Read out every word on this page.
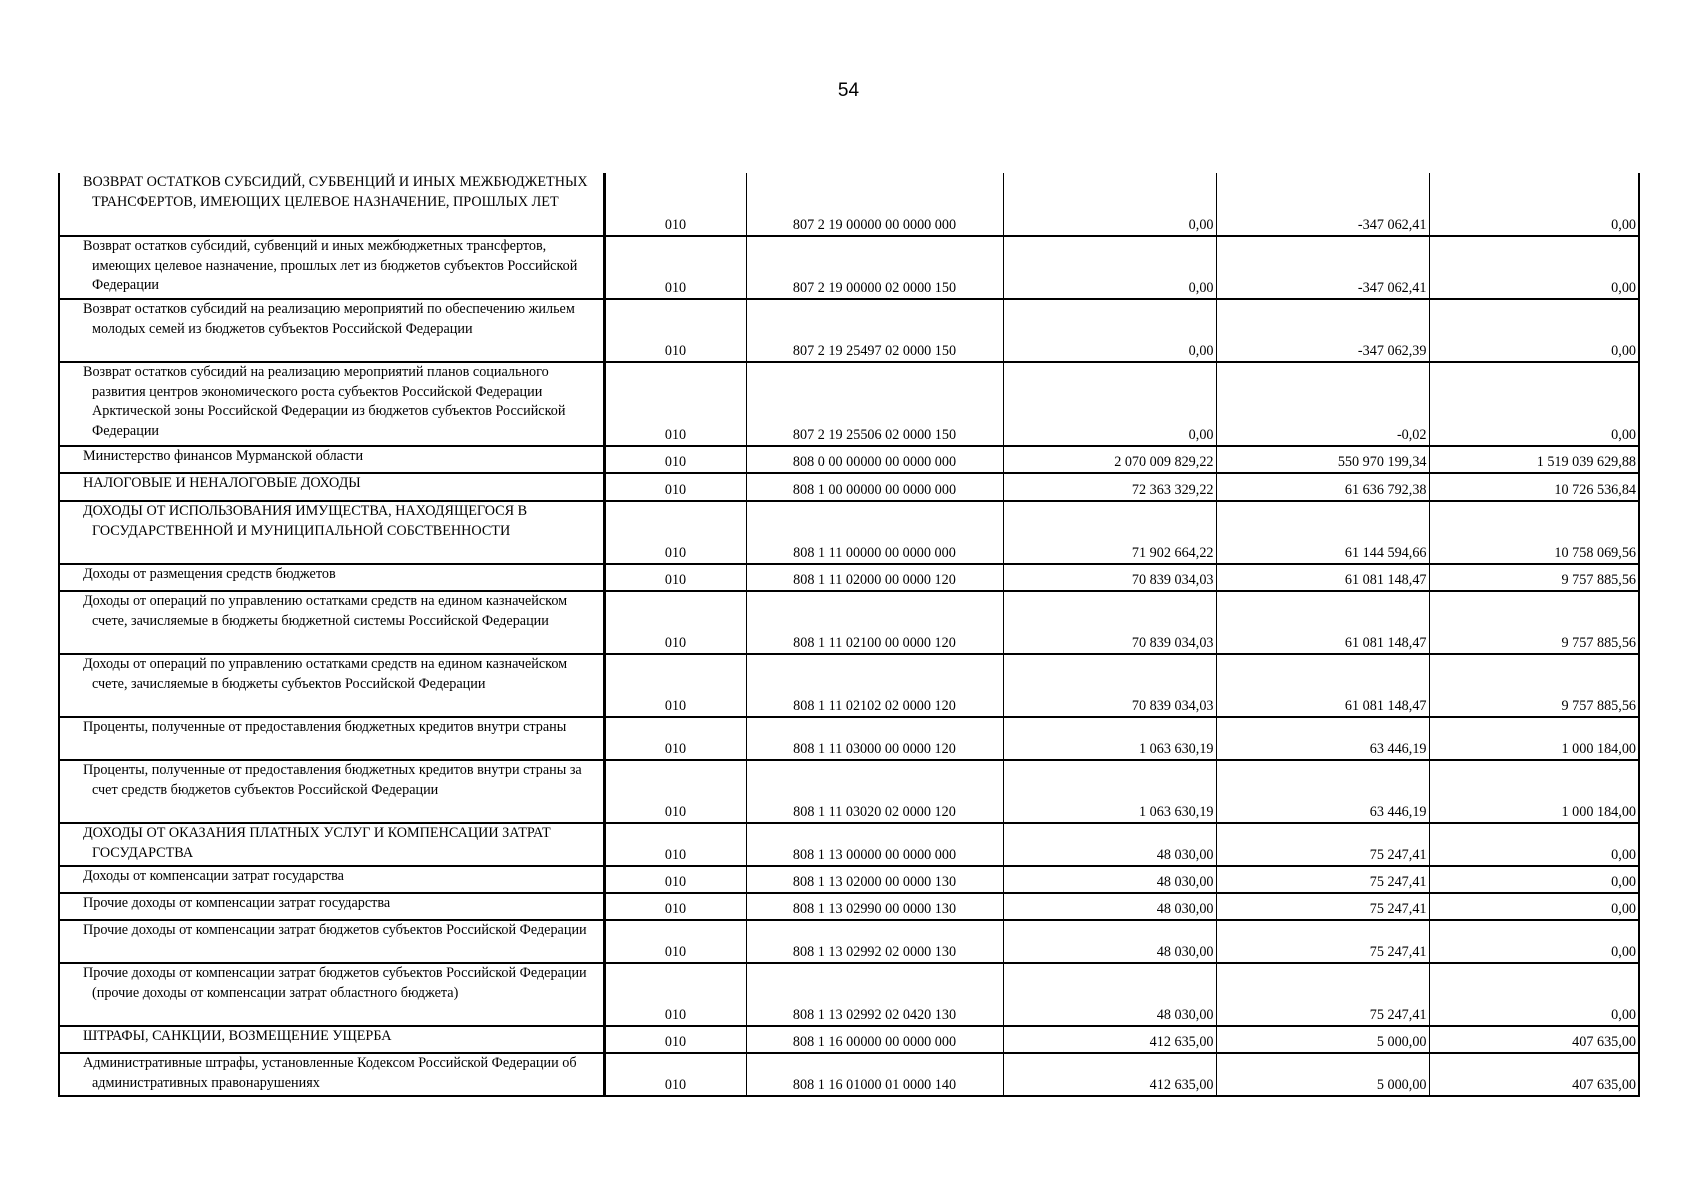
54
ВОЗВРАТ ОСТАТКОВ СУБСИДИЙ, СУБВЕНЦИЙ И ИНЫХ МЕЖБЮДЖЕТНЫХ ТРАНСФЕРТОВ, ИМЕЮЩИХ ЦЕЛЕВОЕ НАЗНАЧЕНИЕ, ПРОШЛЫХ ЛЕТ	010	807 2 19 00000 00 0000 000	0,00	-347 062,41	0,00
Возврат остатков субсидий, субвенций и иных межбюджетных трансфертов, имеющих целевое назначение, прошлых лет из бюджетов субъектов Российской Федерации	010	807 2 19 00000 02 0000 150	0,00	-347 062,41	0,00
Возврат остатков субсидий на реализацию мероприятий по обеспечению жильем молодых семей из бюджетов субъектов Российской Федерации	010	807 2 19 25497 02 0000 150	0,00	-347 062,39	0,00
Возврат остатков субсидий на реализацию мероприятий планов социального развития центров экономического роста субъектов Российской Федерации Арктической зоны Российской Федерации из бюджетов субъектов Российской Федерации	010	807 2 19 25506 02 0000 150	0,00	-0,02	0,00
Министерство финансов Мурманской области	010	808 0 00 00000 00 0000 000	2 070 009 829,22	550 970 199,34	1 519 039 629,88
НАЛОГОВЫЕ И НЕНАЛОГОВЫЕ ДОХОДЫ	010	808 1 00 00000 00 0000 000	72 363 329,22	61 636 792,38	10 726 536,84
ДОХОДЫ ОТ ИСПОЛЬЗОВАНИЯ ИМУЩЕСТВА, НАХОДЯЩЕГОСЯ В ГОСУДАРСТВЕННОЙ И МУНИЦИПАЛЬНОЙ СОБСТВЕННОСТИ	010	808 1 11 00000 00 0000 000	71 902 664,22	61 144 594,66	10 758 069,56
Доходы от размещения средств бюджетов	010	808 1 11 02000 00 0000 120	70 839 034,03	61 081 148,47	9 757 885,56
Доходы от операций по управлению остатками средств на едином казначейском счете, зачисляемые в бюджеты бюджетной системы Российской Федерации	010	808 1 11 02100 00 0000 120	70 839 034,03	61 081 148,47	9 757 885,56
Доходы от операций по управлению остатками средств на едином казначейском счете, зачисляемые в бюджеты субъектов Российской Федерации	010	808 1 11 02102 02 0000 120	70 839 034,03	61 081 148,47	9 757 885,56
Проценты, полученные от предоставления бюджетных кредитов внутри страны	010	808 1 11 03000 00 0000 120	1 063 630,19	63 446,19	1 000 184,00
Проценты, полученные от предоставления бюджетных кредитов внутри страны за счет средств бюджетов субъектов Российской Федерации	010	808 1 11 03020 02 0000 120	1 063 630,19	63 446,19	1 000 184,00
ДОХОДЫ ОТ ОКАЗАНИЯ ПЛАТНЫХ УСЛУГ И КОМПЕНСАЦИИ ЗАТРАТ ГОСУДАРСТВА	010	808 1 13 00000 00 0000 000	48 030,00	75 247,41	0,00
Доходы от компенсации затрат государства	010	808 1 13 02000 00 0000 130	48 030,00	75 247,41	0,00
Прочие доходы от компенсации затрат государства	010	808 1 13 02990 00 0000 130	48 030,00	75 247,41	0,00
Прочие доходы от компенсации затрат бюджетов субъектов Российской Федерации	010	808 1 13 02992 02 0000 130	48 030,00	75 247,41	0,00
Прочие доходы от компенсации затрат бюджетов субъектов Российской Федерации (прочие доходы от компенсации затрат областного бюджета)	010	808 1 13 02992 02 0420 130	48 030,00	75 247,41	0,00
ШТРАФЫ, САНКЦИИ, ВОЗМЕЩЕНИЕ УЩЕРБА	010	808 1 16 00000 00 0000 000	412 635,00	5 000,00	407 635,00
Административные штрафы, установленные Кодексом Российской Федерации об административных правонарушениях	010	808 1 16 01000 01 0000 140	412 635,00	5 000,00	407 635,00
